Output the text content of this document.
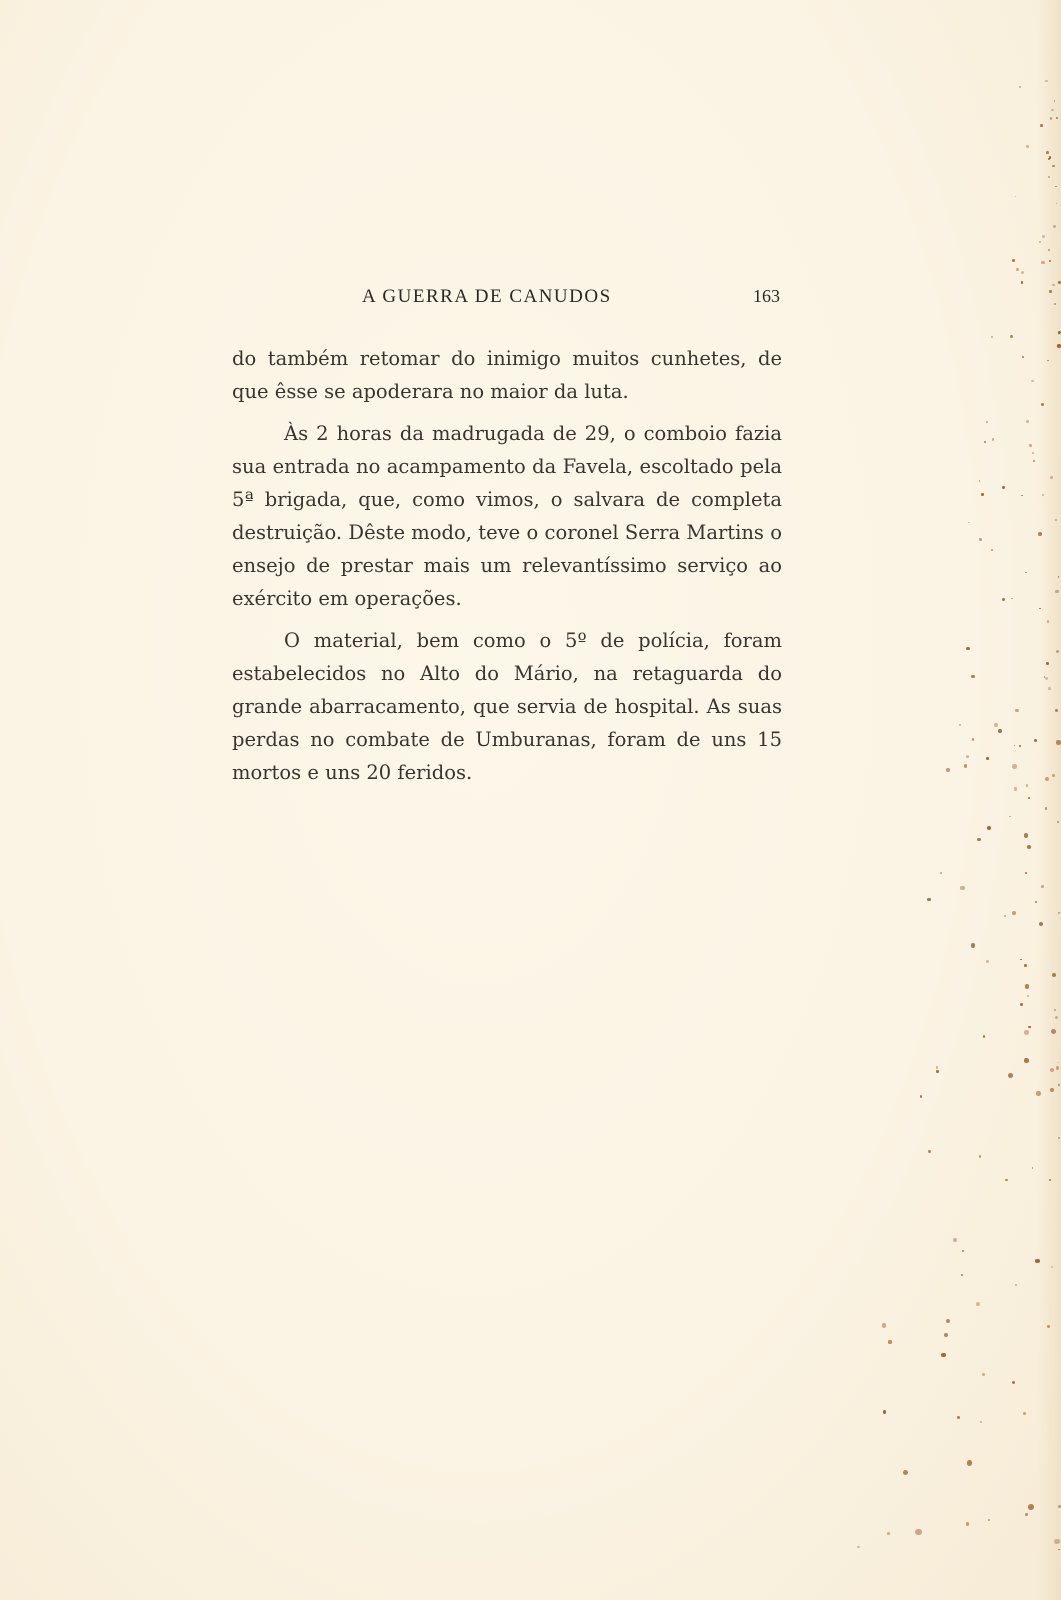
A GUERRA DE CANUDOS	163

do também retomar do inimigo muitos cunhetes, de que êsse se apoderara no maior da luta.

Às 2 horas da madrugada de 29, o comboio fazia sua entrada no acampamento da Favela, escoltado pela 5ª brigada, que, como vimos, o salvara de completa destruição. Dêste modo, teve o coronel Serra Martins o ensejo de prestar mais um relevantíssimo serviço ao exército em operações.

O material, bem como o 5º de polícia, foram estabelecidos no Alto do Mário, na retaguarda do grande abarracamento, que servia de hospital. As suas perdas no combate de Umburanas, foram de uns 15 mortos e uns 20 feridos.
